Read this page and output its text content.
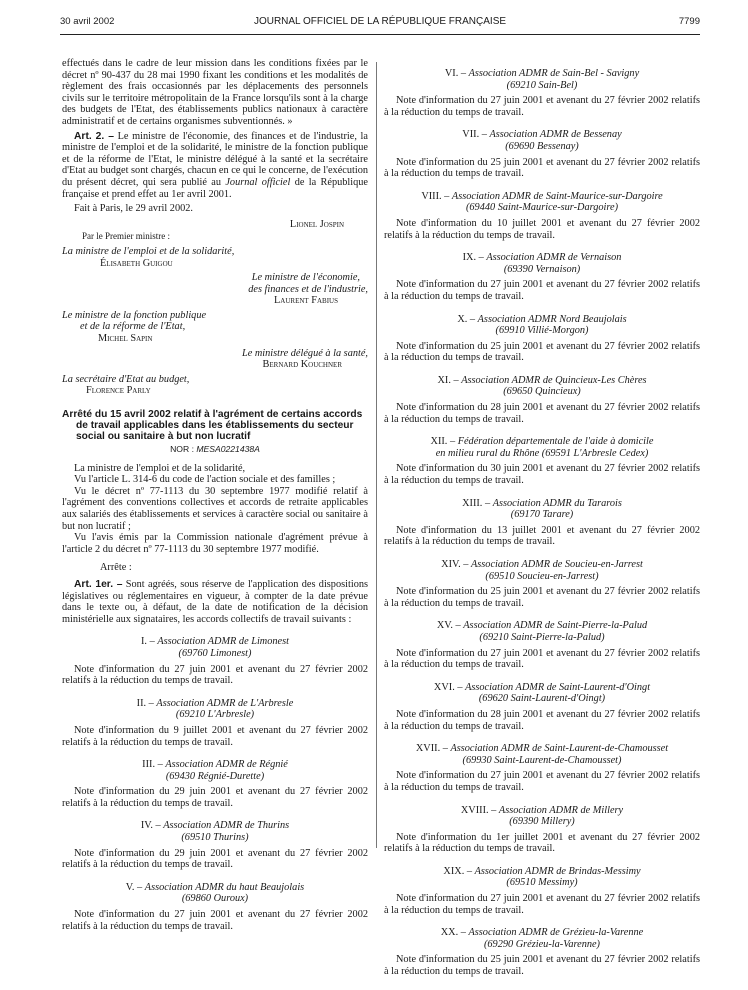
30 avril 2002	JOURNAL OFFICIEL DE LA RÉPUBLIQUE FRANÇAISE	7799

effectués dans le cadre de leur mission dans les conditions fixées par le décret nº 90-437 du 28 mai 1990 fixant les conditions et les modalités de règlement des frais occasionnés par les déplacements des personnels civils sur le territoire métropolitain de la France lorsqu'ils sont à la charge des budgets de l'Etat, des établissements publics nationaux à caractère administratif et de certains organismes subventionnés. »

Art. 2. – Le ministre de l'économie, des finances et de l'industrie, la ministre de l'emploi et de la solidarité, le ministre de la fonction publique et de la réforme de l'Etat, le ministre délégué à la santé et la secrétaire d'Etat au budget sont chargés, chacun en ce qui le concerne, de l'exécution du présent décret, qui sera publié au Journal officiel de la République française et prend effet au 1er avril 2001.

Fait à Paris, le 29 avril 2002.

Lionel Jospin

Par le Premier ministre :

La ministre de l'emploi et de la solidarité,

Élisabeth Guigou

Le ministre de l'économie,

des finances et de l'industrie,

Laurent Fabius

Le ministre de la fonction publique

et de la réforme de l'Etat,

Michel Sapin

Le ministre délégué à la santé,

Bernard Kouchner

La secrétaire d'Etat au budget,

Florence Parly

Arrêté du 15 avril 2002 relatif à l'agrément de certains accords de travail applicables dans les établissements du secteur social ou sanitaire à but non lucratif

NOR : MESA0221438A

La ministre de l'emploi et de la solidarité,

Vu l'article L. 314-6 du code de l'action sociale et des familles ;

Vu le décret nº 77-1113 du 30 septembre 1977 modifié relatif à l'agrément des conventions collectives et accords de retraite applicables aux salariés des établissements et services à caractère social ou sanitaire à but non lucratif ;

Vu l'avis émis par la Commission nationale d'agrément prévue à l'article 2 du décret nº 77-1113 du 30 septembre 1977 modifié.

Arrête :

Art. 1er. – Sont agréés, sous réserve de l'application des dispositions législatives ou réglementaires en vigueur, à compter de la date prévue dans le texte ou, à défaut, de la date de notification de la décision ministérielle aux signataires, les accords collectifs de travail suivants :

I. – Association ADMR de Limonest

(69760 Limonest)

Note d'information du 27 juin 2001 et avenant du 27 février 2002 relatifs à la réduction du temps de travail.

II. – Association ADMR de L'Arbresle

(69210 L'Arbresle)

Note d'information du 9 juillet 2001 et avenant du 27 février 2002 relatifs à la réduction du temps de travail.

III. – Association ADMR de Régnié

(69430 Régnié-Durette)

Note d'information du 29 juin 2001 et avenant du 27 février 2002 relatifs à la réduction du temps de travail.

IV. – Association ADMR de Thurins

(69510 Thurins)

Note d'information du 29 juin 2001 et avenant du 27 février 2002 relatifs à la réduction du temps de travail.

V. – Association ADMR du haut Beaujolais

(69860 Ouroux)

Note d'information du 27 juin 2001 et avenant du 27 février 2002 relatifs à la réduction du temps de travail.

VI. – Association ADMR de Sain-Bel - Savigny

(69210 Sain-Bel)

Note d'information du 27 juin 2001 et avenant du 27 février 2002 relatifs à la réduction du temps de travail.

VII. – Association ADMR de Bessenay

(69690 Bessenay)

Note d'information du 25 juin 2001 et avenant du 27 février 2002 relatifs à la réduction du temps de travail.

VIII. – Association ADMR de Saint-Maurice-sur-Dargoire

(69440 Saint-Maurice-sur-Dargoire)

Note d'information du 10 juillet 2001 et avenant du 27 février 2002 relatifs à la réduction du temps de travail.

IX. – Association ADMR de Vernaison

(69390 Vernaison)

Note d'information du 27 juin 2001 et avenant du 27 février 2002 relatifs à la réduction du temps de travail.

X. – Association ADMR Nord Beaujolais

(69910 Villié-Morgon)

Note d'information du 25 juin 2001 et avenant du 27 février 2002 relatifs à la réduction du temps de travail.

XI. – Association ADMR de Quincieux-Les Chères

(69650 Quincieux)

Note d'information du 28 juin 2001 et avenant du 27 février 2002 relatifs à la réduction du temps de travail.

XII. – Fédération départementale de l'aide à domicile

en milieu rural du Rhône (69591 L'Arbresle Cedex)

Note d'information du 30 juin 2001 et avenant du 27 février 2002 relatifs à la réduction du temps de travail.

XIII. – Association ADMR du Tararois

(69170 Tarare)

Note d'information du 13 juillet 2001 et avenant du 27 février 2002 relatifs à la réduction du temps de travail.

XIV. – Association ADMR de Soucieu-en-Jarrest

(69510 Soucieu-en-Jarrest)

Note d'information du 25 juin 2001 et avenant du 27 février 2002 relatifs à la réduction du temps de travail.

XV. – Association ADMR de Saint-Pierre-la-Palud

(69210 Saint-Pierre-la-Palud)

Note d'information du 27 juin 2001 et avenant du 27 février 2002 relatifs à la réduction du temps de travail.

XVI. – Association ADMR de Saint-Laurent-d'Oingt

(69620 Saint-Laurent-d'Oingt)

Note d'information du 28 juin 2001 et avenant du 27 février 2002 relatifs à la réduction du temps de travail.

XVII. – Association ADMR de Saint-Laurent-de-Chamousset

(69930 Saint-Laurent-de-Chamousset)

Note d'information du 27 juin 2001 et avenant du 27 février 2002 relatifs à la réduction du temps de travail.

XVIII. – Association ADMR de Millery

(69390 Millery)

Note d'information du 1er juillet 2001 et avenant du 27 février 2002 relatifs à la réduction du temps de travail.

XIX. – Association ADMR de Brindas-Messimy

(69510 Messimy)

Note d'information du 27 juin 2001 et avenant du 27 février 2002 relatifs à la réduction du temps de travail.

XX. – Association ADMR de Grézieu-la-Varenne

(69290 Grézieu-la-Varenne)

Note d'information du 25 juin 2001 et avenant du 27 février 2002 relatifs à la réduction du temps de travail.
